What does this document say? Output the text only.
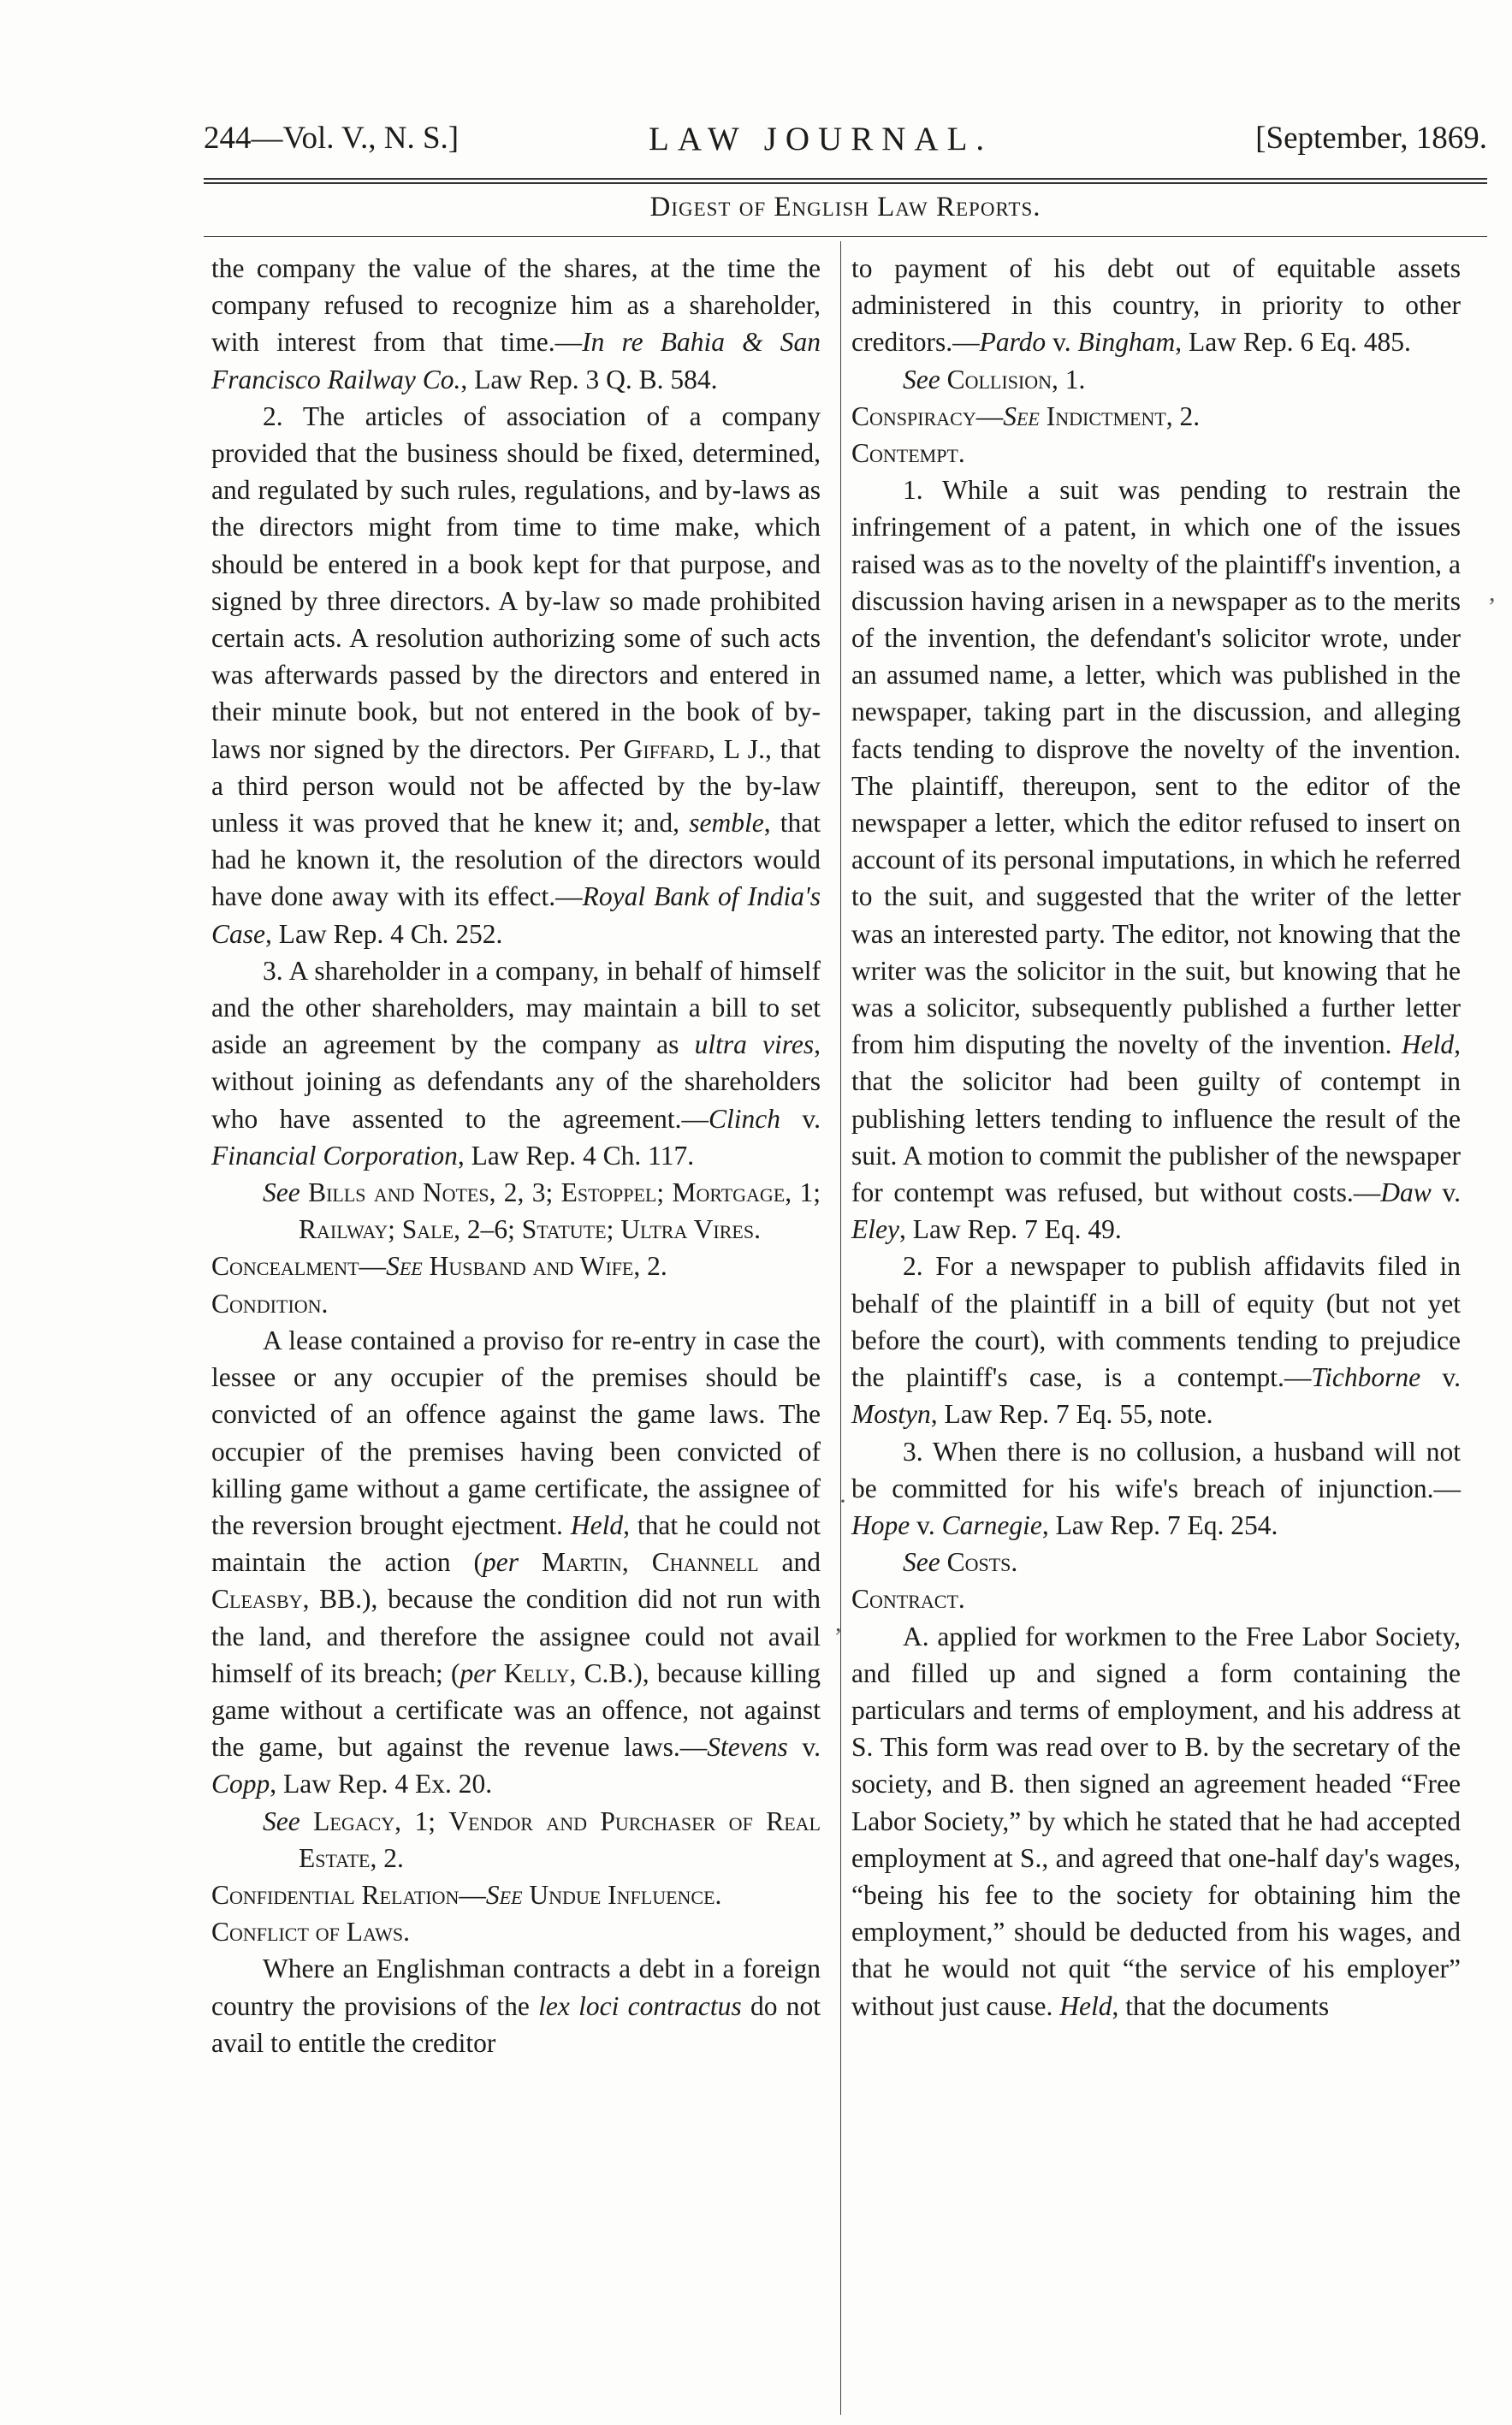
244—Vol. V., N. S.]	LAW JOURNAL.	[September, 1869.
Digest of English Law Reports.

the company the value of the shares, at the time the company refused to recognize him as a shareholder, with interest from that time.—In re Bahia & San Francisco Railway Co., Law Rep. 3 Q. B. 584.

2. The articles of association of a company provided that the business should be fixed, determined, and regulated by such rules, regulations, and by-laws as the directors might from time to time make, which should be entered in a book kept for that purpose, and signed by three directors. A by-law so made prohibited certain acts. A resolution authorizing some of such acts was afterwards passed by the directors and entered in their minute book, but not entered in the book of by-laws nor signed by the directors. Per Giffard, L J., that a third person would not be affected by the by-law unless it was proved that he knew it; and, semble, that had he known it, the resolution of the directors would have done away with its effect.—Royal Bank of India's Case, Law Rep. 4 Ch. 252.

3. A shareholder in a company, in behalf of himself and the other shareholders, may maintain a bill to set aside an agreement by the company as ultra vires, without joining as defendants any of the shareholders who have assented to the agreement.—Clinch v. Financial Corporation, Law Rep. 4 Ch. 117.

See Bills and Notes, 2, 3; Estoppel; Mortgage, 1; Railway; Sale, 2–6; Statute; Ultra Vires.

Concealment—See Husband and Wife, 2.

Condition.

A lease contained a proviso for re-entry in case the lessee or any occupier of the premises should be convicted of an offence against the game laws. The occupier of the premises having been convicted of killing game without a game certificate, the assignee of the reversion brought ejectment. Held, that he could not maintain the action (per Martin, Channell and Cleasby, BB.), because the condition did not run with the land, and therefore the assignee could not avail himself of its breach; (per Kelly, C.B.), because killing game without a certificate was an offence, not against the game, but against the revenue laws.—Stevens v. Copp, Law Rep. 4 Ex. 20.

See Legacy, 1; Vendor and Purchaser of Real Estate, 2.

Confidential Relation—See Undue Influence.

Conflict of Laws.

Where an Englishman contracts a debt in a foreign country the provisions of the lex loci contractus do not avail to entitle the creditor

to payment of his debt out of equitable assets administered in this country, in priority to other creditors.—Pardo v. Bingham, Law Rep. 6 Eq. 485.

See Collision, 1.

Conspiracy—See Indictment, 2.

Contempt.

1. While a suit was pending to restrain the infringement of a patent, in which one of the issues raised was as to the novelty of the plaintiff's invention, a discussion having arisen in a newspaper as to the merits of the invention, the defendant's solicitor wrote, under an assumed name, a letter, which was published in the newspaper, taking part in the discussion, and alleging facts tending to disprove the novelty of the invention. The plaintiff, thereupon, sent to the editor of the newspaper a letter, which the editor refused to insert on account of its personal imputations, in which he referred to the suit, and suggested that the writer of the letter was an interested party. The editor, not knowing that the writer was the solicitor in the suit, but knowing that he was a solicitor, subsequently published a further letter from him disputing the novelty of the invention. Held, that the solicitor had been guilty of contempt in publishing letters tending to influence the result of the suit. A motion to commit the publisher of the newspaper for contempt was refused, but without costs.—Daw v. Eley, Law Rep. 7 Eq. 49.

2. For a newspaper to publish affidavits filed in behalf of the plaintiff in a bill of equity (but not yet before the court), with comments tending to prejudice the plaintiff's case, is a contempt.—Tichborne v. Mostyn, Law Rep. 7 Eq. 55, note.

3. When there is no collusion, a husband will not be committed for his wife's breach of injunction.—Hope v. Carnegie, Law Rep. 7 Eq. 254.

See Costs.

Contract.

A. applied for workmen to the Free Labor Society, and filled up and signed a form containing the particulars and terms of employment, and his address at S. This form was read over to B. by the secretary of the society, and B. then signed an agreement headed “Free Labor Society,” by which he stated that he had accepted employment at S., and agreed that one-half day's wages, “being his fee to the society for obtaining him the employment,” should be deducted from his wages, and that he would not quit “the service of his employer” without just cause. Held, that the documents

,
·
,
